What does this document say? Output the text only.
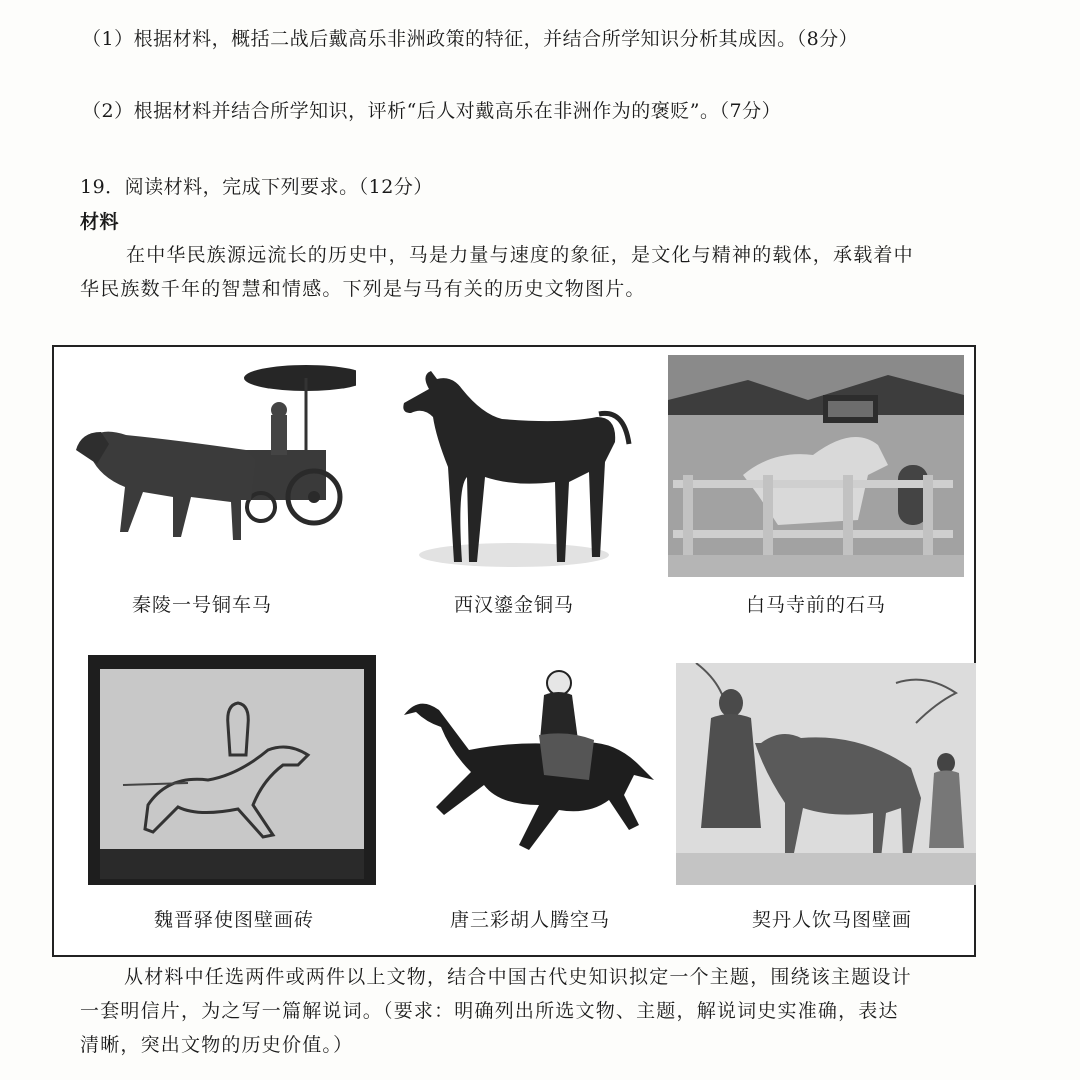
（1）根据材料，概括二战后戴高乐非洲政策的特征，并结合所学知识分析其成因。（8分）
（2）根据材料并结合所学知识，评析“后人对戴高乐在非洲作为的褒贬”。（7分）
19．阅读材料，完成下列要求。（12分）
材料
在中华民族源远流长的历史中，马是力量与速度的象征，是文化与精神的载体，承载着中
华民族数千年的智慧和情感。下列是与马有关的历史文物图片。
秦陵一号铜车马	西汉鎏金铜马	白马寺前的石马
魏晋驿使图壁画砖	唐三彩胡人腾空马	契丹人饮马图壁画
从材料中任选两件或两件以上文物，结合中国古代史知识拟定一个主题，围绕该主题设计
一套明信片，为之写一篇解说词。（要求：明确列出所选文物、主题，解说词史实准确，表达
清晰，突出文物的历史价值。）
